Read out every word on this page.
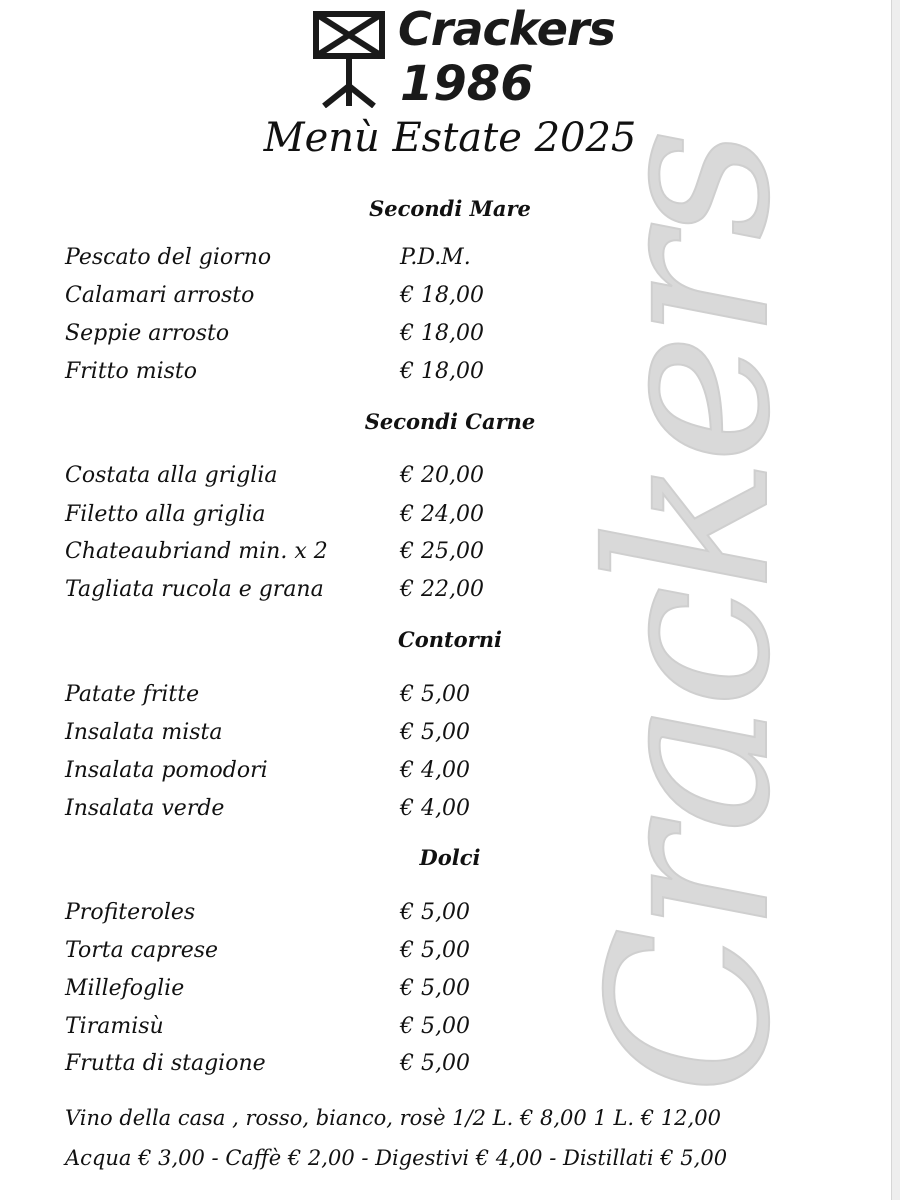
Crackers
Crackers
1986
Menù Estate 2025
Secondi Mare
Pescato del giorno	P.D.M.
Calamari arrosto	€ 18,00
Seppie arrosto	€ 18,00
Fritto misto	€ 18,00
Secondi Carne
Costata alla griglia	€ 20,00
Filetto alla griglia	€ 24,00
Chateaubriand min. x 2	€ 25,00
Tagliata rucola e grana	€ 22,00
Contorni
Patate fritte	€ 5,00
Insalata mista	€ 5,00
Insalata pomodori	€ 4,00
Insalata verde	€ 4,00
Dolci
Profiteroles	€ 5,00
Torta caprese	€ 5,00
Millefoglie	€ 5,00
Tiramisù	€ 5,00
Frutta di stagione	€ 5,00
Vino della casa , rosso, bianco, rosè 1/2 L. € 8,00 1 L. € 12,00
Acqua € 3,00 - Caffè € 2,00 - Digestivi € 4,00 - Distillati € 5,00
